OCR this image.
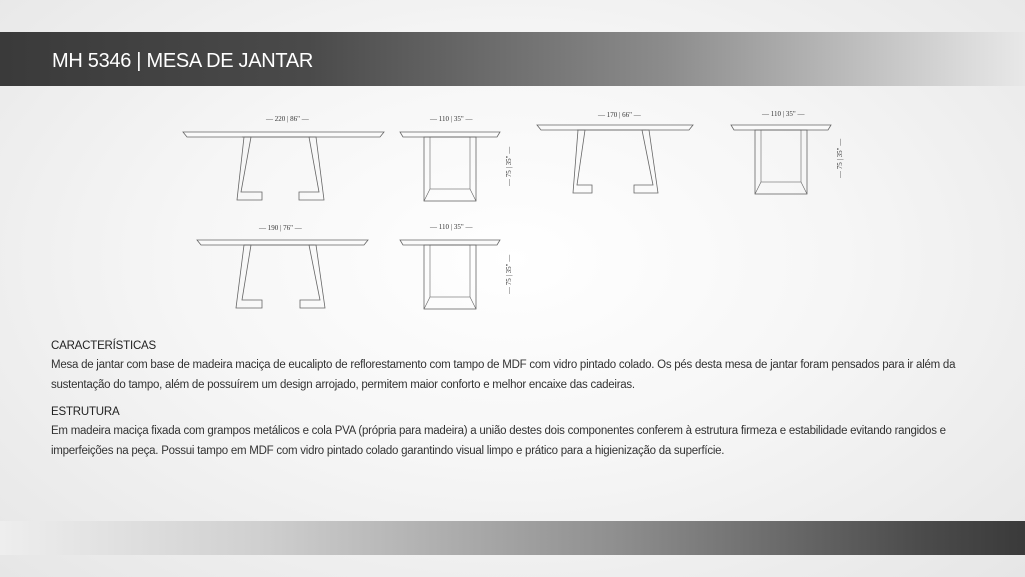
MH 5346 | MESA DE JANTAR
— 220 | 86" —	— 110 | 35" —
— 75 | 35" —
— 170 | 66" —	— 110 | 35" —
— 75 | 35" —
— 190 | 76" —	— 110 | 35" —
— 75 | 35" —
CARACTERÍSTICAS

Mesa de jantar com base de madeira maciça de eucalipto de reflorestamento com tampo de MDF com vidro pintado colado. Os pés desta mesa de jantar foram pensados para ir além da sustentação do tampo, além de possuírem um design arrojado, permitem maior conforto e melhor encaixe das cadeiras.

ESTRUTURA

Em madeira maciça fixada com grampos metálicos e cola PVA (própria para madeira) a união destes dois componentes conferem à estrutura firmeza e estabilidade evitando rangidos e imperfeições na peça. Possui tampo em MDF com vidro pintado colado garantindo visual limpo e prático para a higienização da superfície.
